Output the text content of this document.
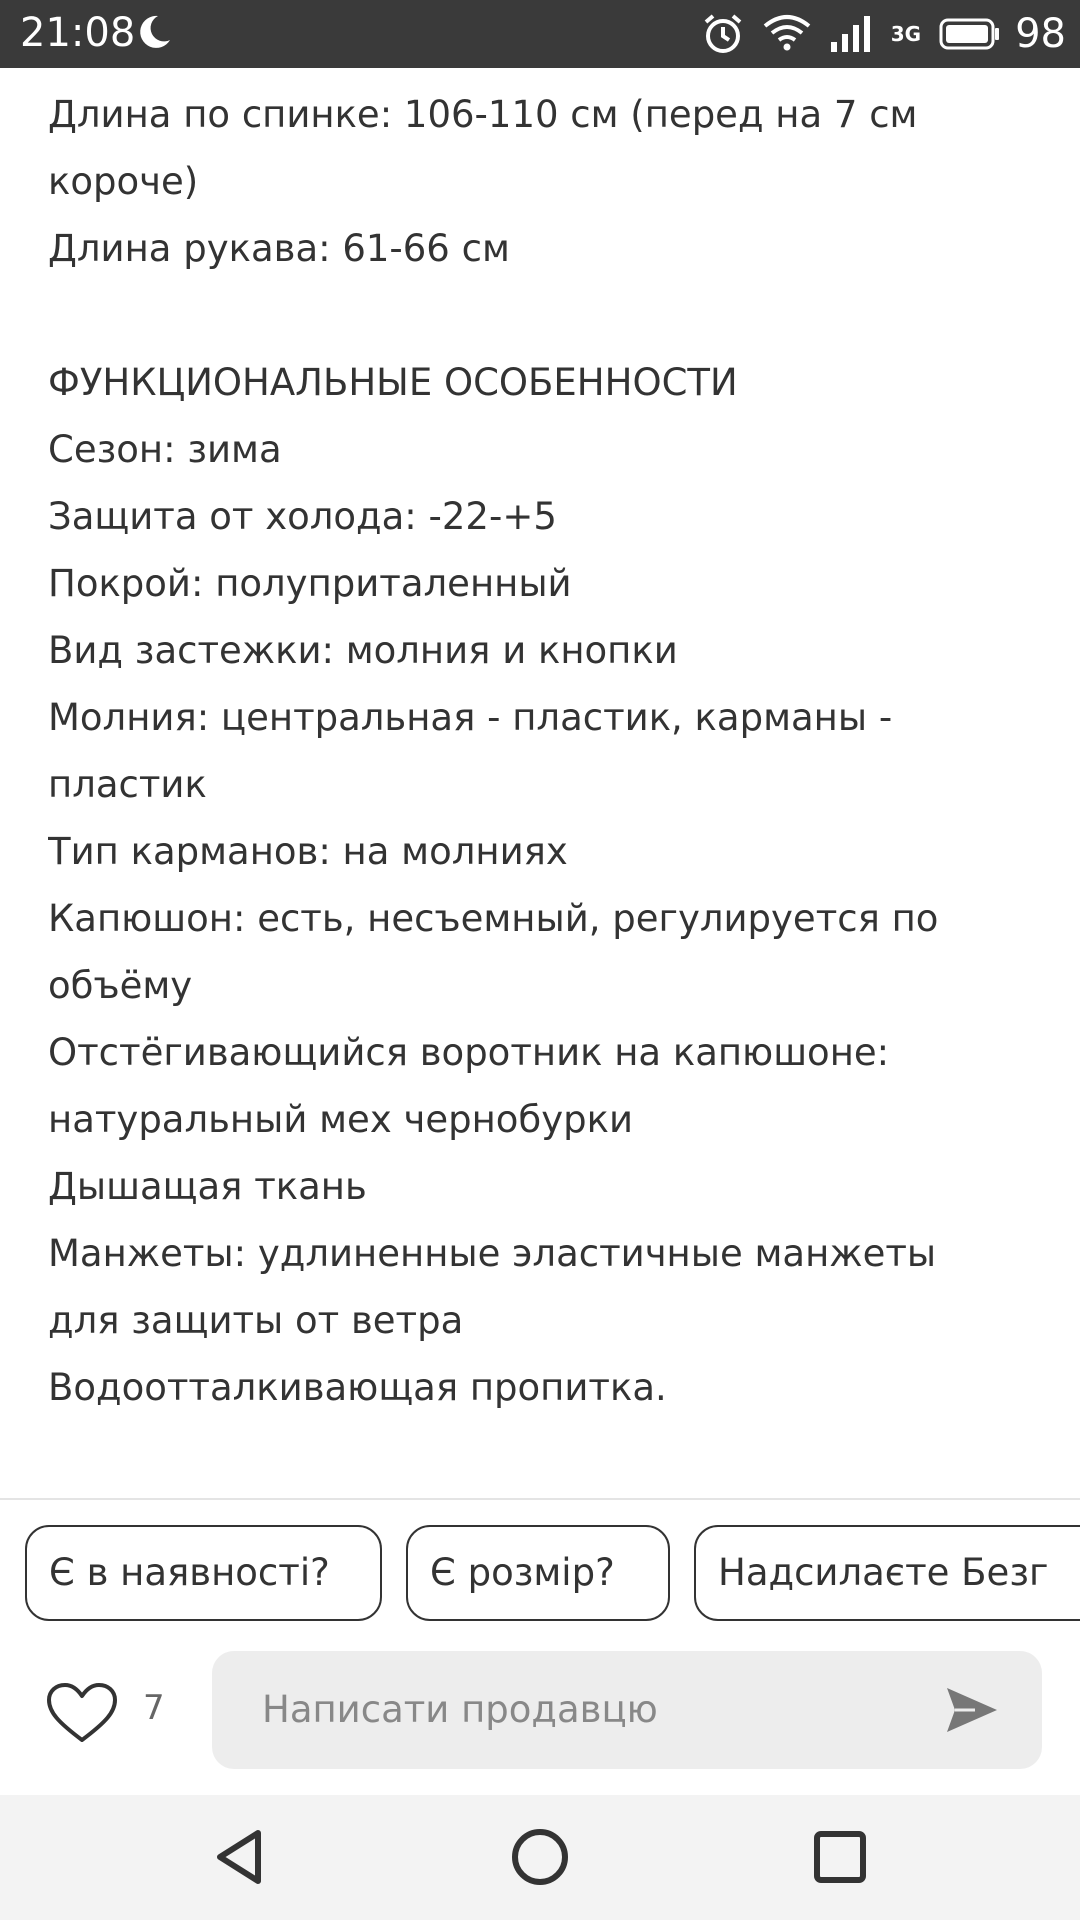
21:08	3G 98
Длина по спинке: 106-110 см (перед на 7 см
короче)
Длина рукава: 61-66 см
ФУНКЦИОНАЛЬНЫЕ ОСОБЕННОСТИ
Сезон: зима
Защита от холода: -22-+5
Покрой: полуприталенный
Вид застежки: молния и кнопки
Молния: центральная - пластик, карманы -
пластик
Тип карманов: на молниях
Капюшон: есть, несъемный, регулируется по
объёму
Отстёгивающийся воротник на капюшоне:
натуральный мех чернобурки
Дышащая ткань
Манжеты: удлиненные эластичные манжеты
для защиты от ветра
Водоотталкивающая пропитка.
Є в наявності?	Є розмір?	Надсилаєте Безг
7	Написати продавцю
